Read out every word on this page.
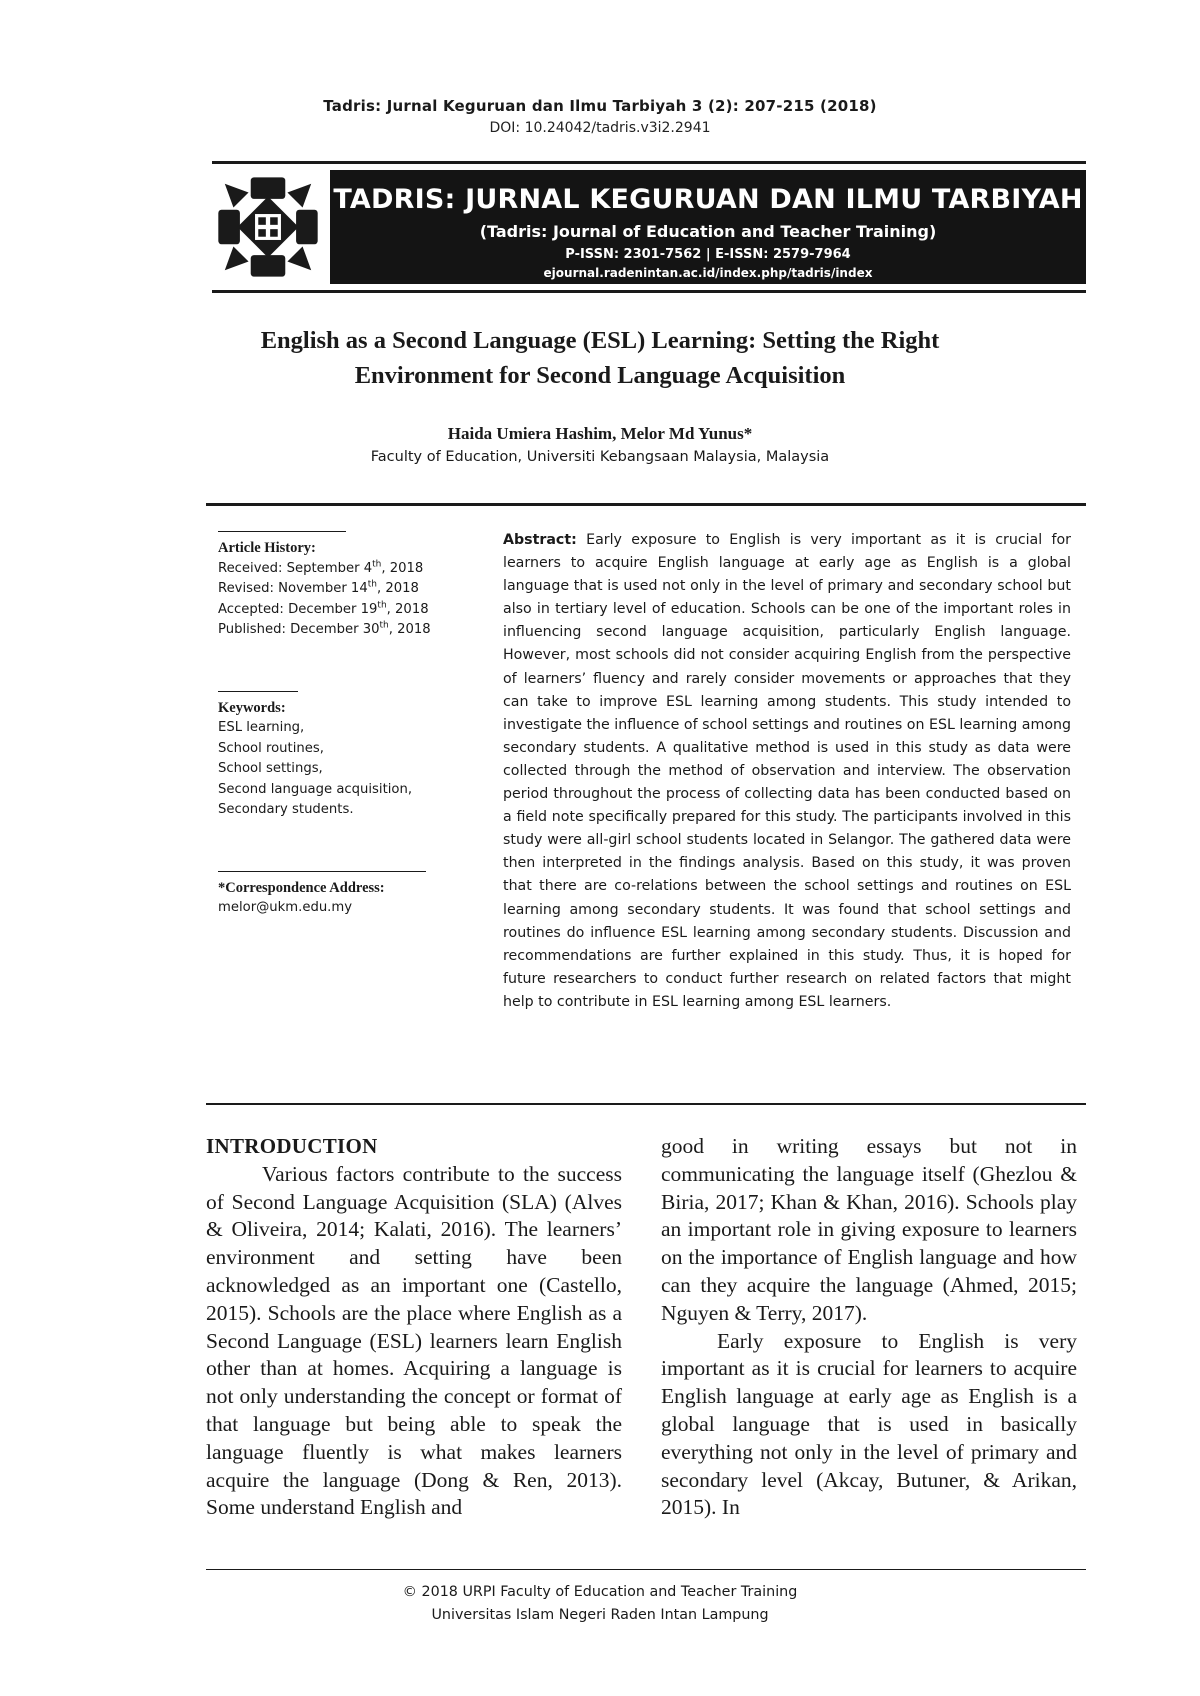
Tadris: Jurnal Keguruan dan Ilmu Tarbiyah 3 (2): 207-215 (2018)
DOI: 10.24042/tadris.v3i2.2941
TADRIS: JURNAL KEGURUAN DAN ILMU TARBIYAH
(Tadris: Journal of Education and Teacher Training)
P-ISSN: 2301-7562 | E-ISSN: 2579-7964
ejournal.radenintan.ac.id/index.php/tadris/index
English as a Second Language (ESL) Learning: Setting the Right
Environment for Second Language Acquisition
Haida Umiera Hashim, Melor Md Yunus*
Faculty of Education, Universiti Kebangsaan Malaysia, Malaysia
Article History:
Received: September 4th, 2018
Revised: November 14th, 2018
Accepted: December 19th, 2018
Published: December 30th, 2018
Keywords:
ESL learning,
School routines,
School settings,
Second language acquisition,
Secondary students.
*Correspondence Address:
melor@ukm.edu.my
Abstract: Early exposure to English is very important as it is crucial for learners to acquire English language at early age as English is a global language that is used not only in the level of primary and secondary school but also in tertiary level of education. Schools can be one of the important roles in influencing second language acquisition, particularly English language. However, most schools did not consider acquiring English from the perspective of learners’ fluency and rarely consider movements or approaches that they can take to improve ESL learning among students. This study intended to investigate the influence of school settings and routines on ESL learning among secondary students. A qualitative method is used in this study as data were collected through the method of observation and interview. The observation period throughout the process of collecting data has been conducted based on a field note specifically prepared for this study. The participants involved in this study were all-girl school students located in Selangor. The gathered data were then interpreted in the findings analysis. Based on this study, it was proven that there are co-relations between the school settings and routines on ESL learning among secondary students. It was found that school settings and routines do influence ESL learning among secondary students. Discussion and recommendations are further explained in this study. Thus, it is hoped for future researchers to conduct further research on related factors that might help to contribute in ESL learning among ESL learners.
INTRODUCTION

Various factors contribute to the success of Second Language Acquisition (SLA) (Alves & Oliveira, 2014; Kalati, 2016). The learners’ environment and setting have been acknowledged as an important one (Castello, 2015). Schools are the place where English as a Second Language (ESL) learners learn English other than at homes. Acquiring a language is not only understanding the concept or format of that language but being able to speak the language fluently is what makes learners acquire the language (Dong & Ren, 2013). Some understand English and

good in writing essays but not in communicating the language itself (Ghezlou & Biria, 2017; Khan & Khan, 2016). Schools play an important role in giving exposure to learners on the importance of English language and how can they acquire the language (Ahmed, 2015; Nguyen & Terry, 2017).

Early exposure to English is very important as it is crucial for learners to acquire English language at early age as English is a global language that is used in basically everything not only in the level of primary and secondary level (Akcay, Butuner, & Arikan, 2015). In

© 2018 URPI Faculty of Education and Teacher Training
Universitas Islam Negeri Raden Intan Lampung
